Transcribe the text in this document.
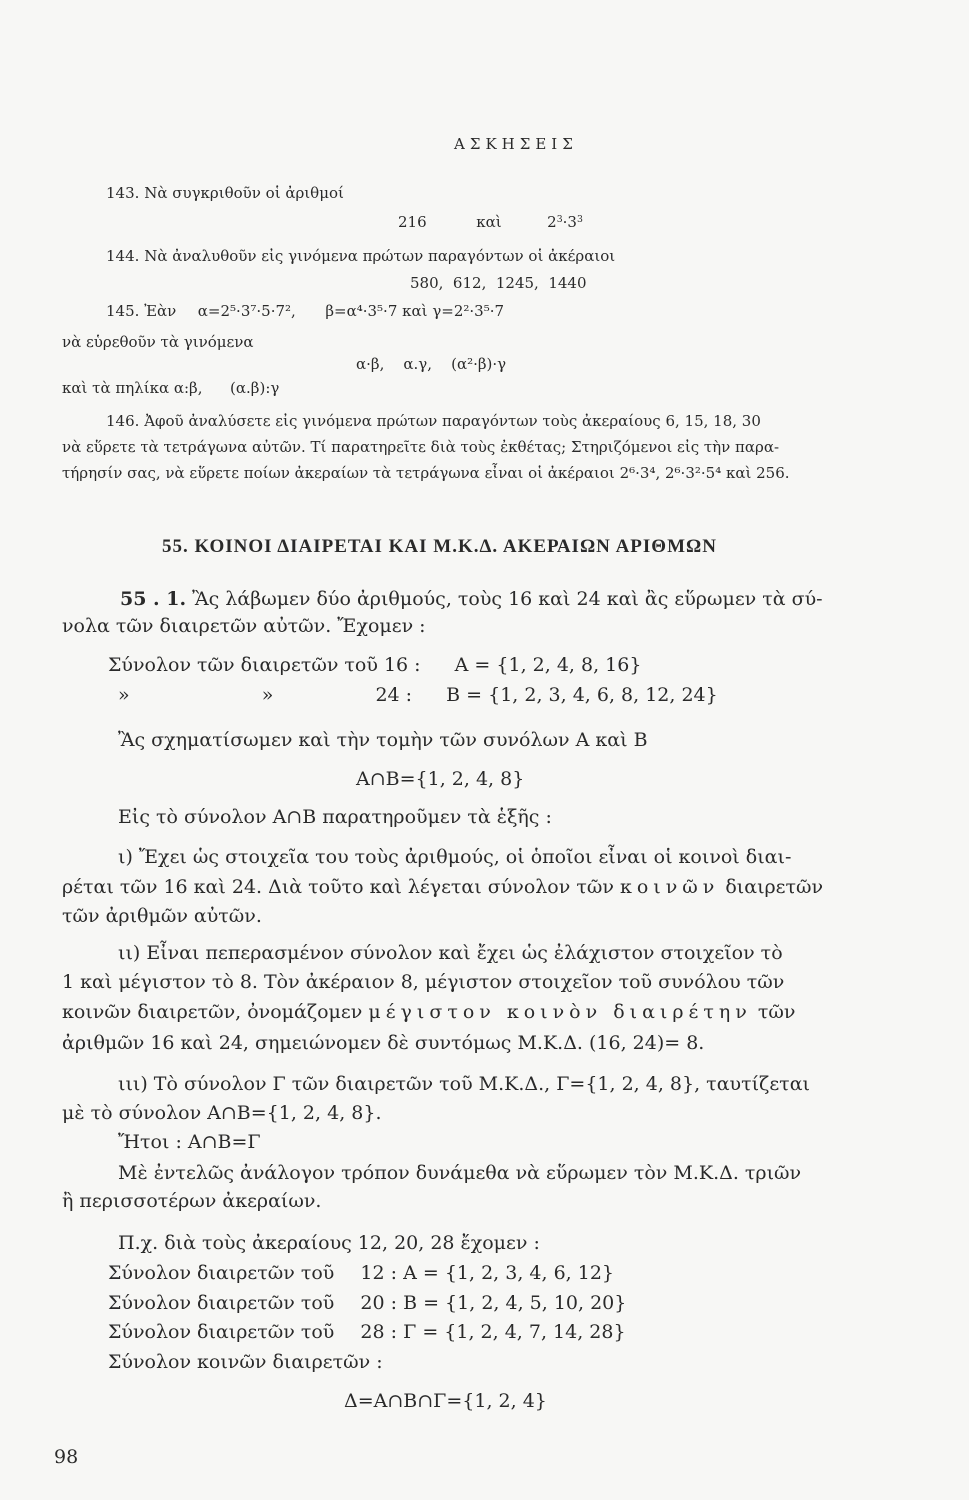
ΑΣΚΗΣΕΙΣ
143. Νὰ συγκριθοῦν οἱ ἀριθμοί
216	καὶ	$2^3\cdot 3^3$
144. Νὰ ἀναλυθοῦν εἰς γινόμενα πρώτων παραγόντων οἱ ἀκέραιοι
580,  612,  1245,  1440
145. Ἐὰν α=2⁵·3⁷·5·7², β=α⁴·3⁵·7 καὶ γ=2²·3⁵·7
νὰ εὑρεθοῦν τὰ γινόμενα
α·β,    α.γ,    (α²·β)·γ
καὶ τὰ πηλίκα α:β, (α.β):γ
146. Ἀφοῦ ἀναλύσετε εἰς γινόμενα πρώτων παραγόντων τοὺς ἀκεραίους 6, 15, 18, 30
νὰ εὕρετε τὰ τετράγωνα αὐτῶν. Τί παρατηρεῖτε διὰ τοὺς ἐκθέτας; Στηριζόμενοι εἰς τὴν παρα-
τήρησίν σας, νὰ εὕρετε ποίων ἀκεραίων τὰ τετράγωνα εἶναι οἱ ἀκέραιοι 2⁶·3⁴, 2⁶·3²·5⁴ καὶ 256.
55. ΚΟΙΝΟΙ ΔΙΑΙΡΕΤΑΙ ΚΑΙ Μ.Κ.Δ. ΑΚΕΡΑΙΩΝ ΑΡΙΘΜΩΝ
55 . 1. Ἂς λάβωμεν δύο ἀριθμούς, τοὺς 16 καὶ 24 καὶ ἂς εὕρωμεν τὰ σύ-
νολα τῶν διαιρετῶν αὐτῶν. Ἔχομεν :
Σύνολον τῶν διαιρετῶν τοῦ 16 : Α = {1, 2, 4, 8, 16}
»	»	24 : Β = {1, 2, 3, 4, 6, 8, 12, 24}
Ἂς σχηματίσωμεν καὶ τὴν τομὴν τῶν συνόλων Α καὶ Β
Α∩Β={1, 2, 4, 8}
Εἰς τὸ σύνολον Α∩Β παρατηροῦμεν τὰ ἑξῆς :
ι) Ἔχει ὡς στοιχεῖα του τοὺς ἀριθμούς, οἱ ὁποῖοι εἶναι οἱ κοινοὶ διαι-
ρέται τῶν 16 καὶ 24. Διὰ τοῦτο καὶ λέγεται σύνολον τῶν κοινῶν διαιρετῶν
τῶν ἀριθμῶν αὐτῶν.
ιι) Εἶναι πεπερασμένον σύνολον καὶ ἔχει ὡς ἐλάχιστον στοιχεῖον τὸ
1 καὶ μέγιστον τὸ 8. Τὸν ἀκέραιον 8, μέγιστον στοιχεῖον τοῦ συνόλου τῶν
κοινῶν διαιρετῶν, ὀνομάζομεν μέγιστον κοινὸν διαιρέτην τῶν
ἀριθμῶν 16 καὶ 24, σημειώνομεν δὲ συντόμως Μ.Κ.Δ. (16, 24)= 8.
ιιι) Τὸ σύνολον Γ τῶν διαιρετῶν τοῦ Μ.Κ.Δ., Γ={1, 2, 4, 8}, ταυτίζεται
μὲ τὸ σύνολον Α∩Β={1, 2, 4, 8}.
Ἤτοι : Α∩Β=Γ
Μὲ ἐντελῶς ἀνάλογον τρόπον δυνάμεθα νὰ εὕρωμεν τὸν Μ.Κ.Δ. τριῶν
ἢ περισσοτέρων ἀκεραίων.
Π.χ. διὰ τοὺς ἀκεραίους 12, 20, 28 ἔχομεν :
Σύνολον διαιρετῶν τοῦ 12 : Α = {1, 2, 3, 4, 6, 12}
Σύνολον διαιρετῶν τοῦ 20 : Β = {1, 2, 4, 5, 10, 20}
Σύνολον διαιρετῶν τοῦ 28 : Γ = {1, 2, 4, 7, 14, 28}
Σύνολον κοινῶν διαιρετῶν :
Δ=Α∩Β∩Γ={1, 2, 4}
98
